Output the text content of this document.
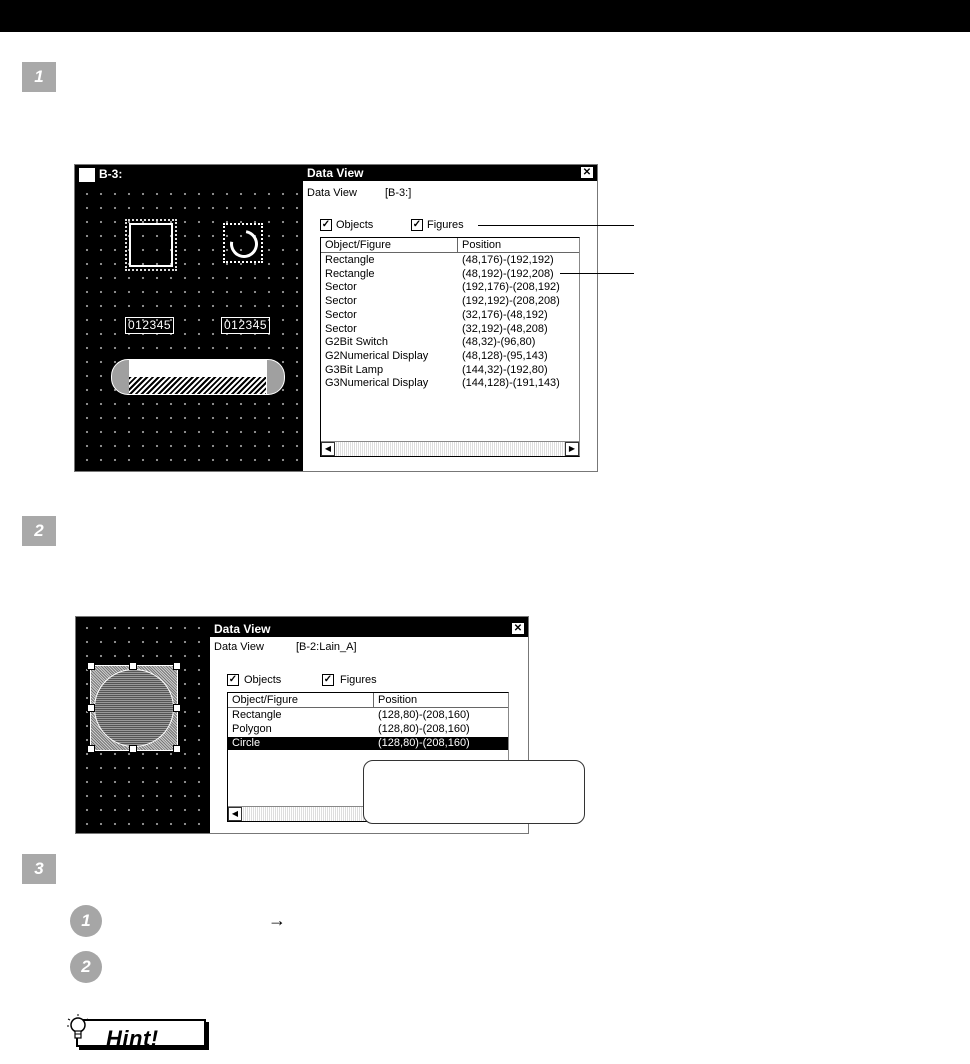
1
B-3:
012345	012345
Data View	✕
Data View	[B-3:]
✓ Objects	✓ Figures
Object/Figure	Position
Rectangle	(48,176)-(192,192)
Rectangle	(48,192)-(192,208)
Sector	(192,176)-(208,192)
Sector	(192,192)-(208,208)
Sector	(32,176)-(48,192)
Sector	(32,192)-(48,208)
G2Bit Switch	(48,32)-(96,80)
G2Numerical Display	(48,128)-(95,143)
G3Bit Lamp	(144,32)-(192,80)
G3Numerical Display	(144,128)-(191,143)
◀	▶
2
Data View	✕
Data View	[B-2:Lain_A]
✓ Objects	✓ Figures
Object/Figure	Position
Rectangle	(128,80)-(208,160)
Polygon	(128,80)-(208,160)
Circle	(128,80)-(208,160)
◀
3
1	→
2
Hint!
